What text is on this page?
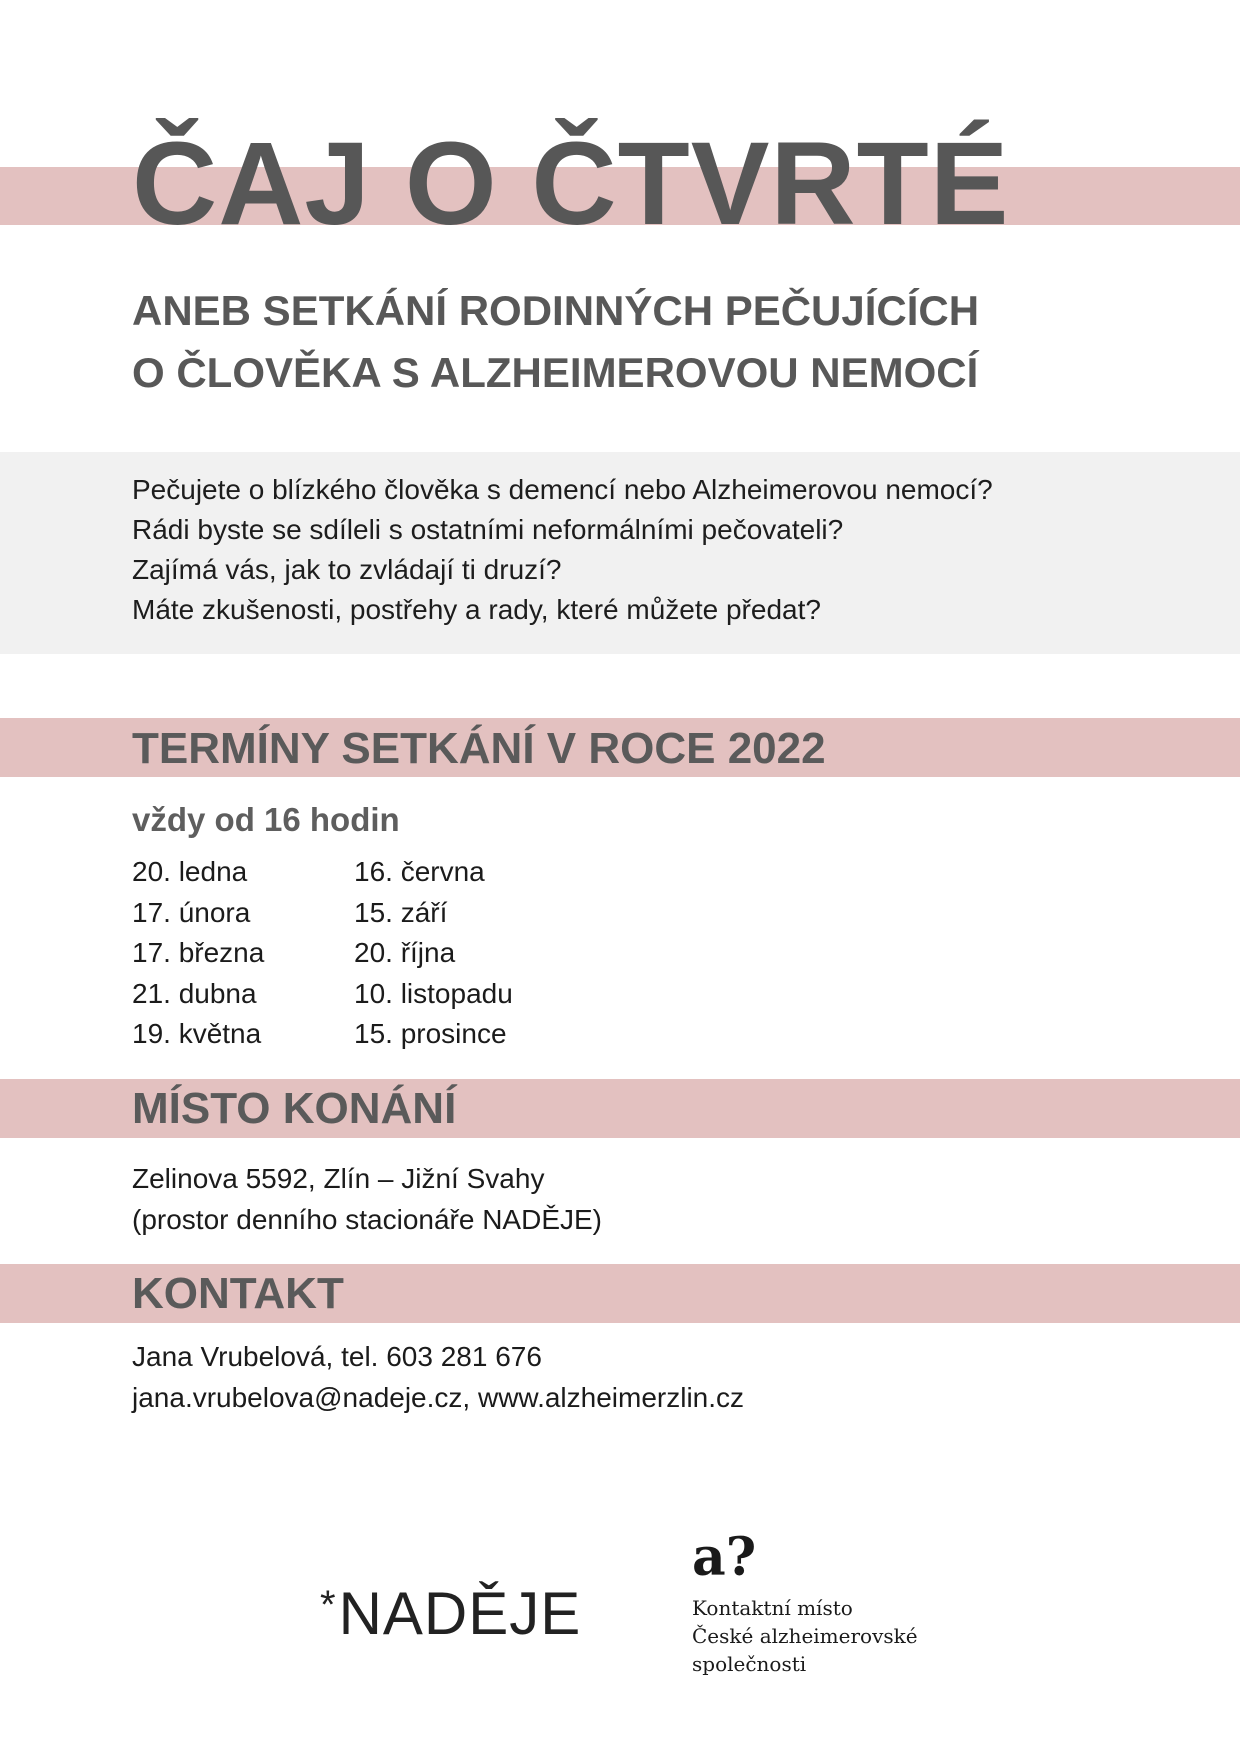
ČAJ O ČTVRTÉ
ANEB SETKÁNÍ RODINNÝCH PEČUJÍCÍCH
O ČLOVĚKA S ALZHEIMEROVOU NEMOCÍ
Pečujete o blízkého člověka s demencí nebo Alzheimerovou nemocí?
Rádi byste se sdíleli s ostatními neformálními pečovateli?
Zajímá vás, jak to zvládají ti druzí?
Máte zkušenosti, postřehy a rady, které můžete předat?
TERMÍNY SETKÁNÍ V ROCE 2022
vždy od 16 hodin
20. ledna
17. února
17. března
21. dubna
19. května
16. června
15. září
20. října
10. listopadu
15. prosince
MÍSTO KONÁNÍ
Zelinova 5592, Zlín – Jižní Svahy
(prostor denního stacionáře NADĚJE)
KONTAKT
Jana Vrubelová, tel. 603 281 676
jana.vrubelova@nadeje.cz, www.alzheimerzlin.cz
*NADĚJE
a?
Kontaktní místo
České alzheimerovské
společnosti
